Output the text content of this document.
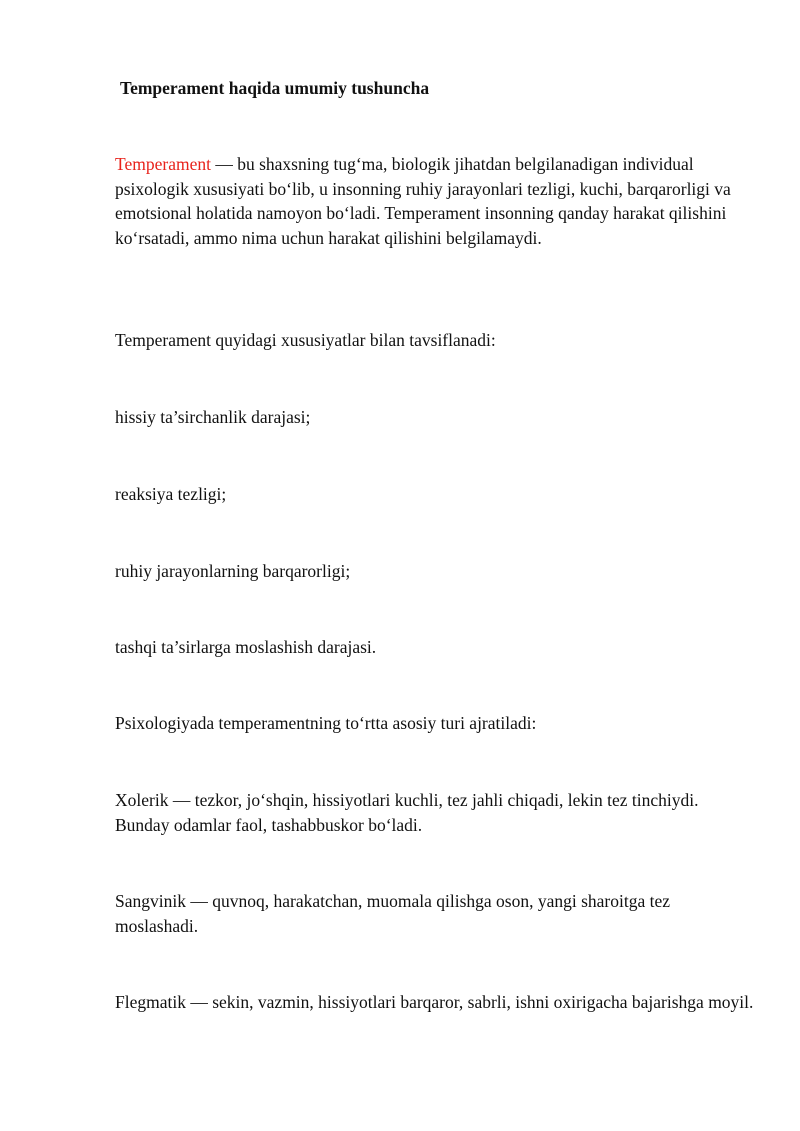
Temperament haqida umumiy tushuncha
Temperament — bu shaxsning tug‘ma, biologik jihatdan belgilanadigan individual psixologik xususiyati bo‘lib, u insonning ruhiy jarayonlari tezligi, kuchi, barqarorligi va emotsional holatida namoyon bo‘ladi. Temperament insonning qanday harakat qilishini ko‘rsatadi, ammo nima uchun harakat qilishini belgilamaydi.
Temperament quyidagi xususiyatlar bilan tavsiflanadi:
hissiy ta’sirchanlik darajasi;
reaksiya tezligi;
ruhiy jarayonlarning barqarorligi;
tashqi ta’sirlarga moslashish darajasi.
Psixologiyada temperamentning to‘rtta asosiy turi ajratiladi:
Xolerik — tezkor, jo‘shqin, hissiyotlari kuchli, tez jahli chiqadi, lekin tez tinchiydi. Bunday odamlar faol, tashabbuskor bo‘ladi.
Sangvinik — quvnoq, harakatchan, muomala qilishga oson, yangi sharoitga tez moslashadi.
Flegmatik — sekin, vazmin, hissiyotlari barqaror, sabrli, ishni oxirigacha bajarishga moyil.
